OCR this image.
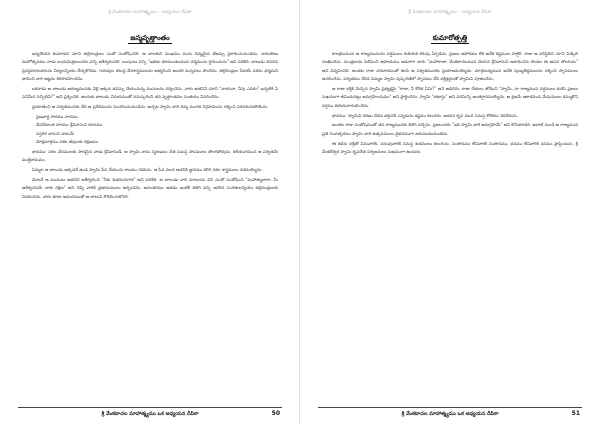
శ్రీ వేంకటాచల మాహాత్మ్యము – అధ్యయన దీపికా
జన్మవృత్తాంతం

జన్మనొందిన కుమారుని చూచి తల్లిదండ్రులు ఎంతో సంతోషించిరి. ఆ బాలకుని ముఖము నందు దివ్యమైన తేజస్సు ప్రకాశించుచుండెను. నామకరణ మహోత్సవము నాడు బంధుమిత్రులందరు వచ్చి ఆశీర్వదించిరి. ఋషులు వచ్చి "ఇతడు భూమండలమున ధర్మమును స్థాపించును" అని పలికిరి. బాలుడు దినదిన ప్రవర్ధమానుడగుచు విద్యలన్నియు నేర్చుకొనెను. గురువుల యొద్ద వేదశాస్త్రములను అభ్యసించి అందరి మన్ననలు పొందెను. తల్లిదండ్రుల సేవయే పరమ ధర్మమని భావించి వారి ఆజ్ఞను శిరసావహించెను.

ఒకనాడు ఆ బాలుడు అరణ్యమునకు వెళ్లి అక్కడ తపస్సు చేయుచున్న మునులను దర్శించెను. వారు అతనిని చూచి "నాయనా, నీవు ఎవరు? ఇచ్చటికి ఏ పనిమీద వచ్చితివి?" అని ప్రశ్నించిరి. అందుకు బాలుడు వినయముతో నమస్కరించి తన వృత్తాంతము నంతయు వివరించెను.

ప్రయాణించి ఆ పర్వతమునకు చేరి ఆ ప్రదేశమందు సంచరించుచుండెను. అచ్చట స్వామి వారి దివ్య మంగళ విగ్రహమును దర్శించి పరవశించిపోయెను.

ప్రణవార్థ సారము నాదము
వేదవేదాంత సారము శ్రీనివాసుని రూపము
సప్తగిరి వాసుని నామమే
మోక్షమార్గము సకల జీవులకు రక్షణము

భావము: సకల వేదములకు సారమైన వాడు శ్రీనివాసుడే. ఆ స్వామి నామ స్మరణము చేత సమస్త పాపములు తొలగిపోవును. కలియుగమున ఆ పర్వతమే ముక్తిధామము.

పిమ్మట ఆ బాలుడు అక్కడనే ఉండి స్వామి సేవ చేయుచు కాలము గడపెను. ఆ సేవ వలన అతనికి జ్ఞానము కలిగి సకల శాస్త్రములు వశమయ్యెను.

వెంటనే ఆ మునులు అతనిని ఆశీర్వదించి "నీకు శుభమగుగాక" అని పలికిరి. ఆ బాలుడు వారి మాటలను విని ఎంతో సంతోషించి "మహాత్ములారా, మీ ఆశీర్వచనమే నాకు రక్షణ" అని చెప్పి వారికి ప్రణామములు అర్పించెను. అనంతరము అతడు ఇంటికి తిరిగి వచ్చి జరిగిన సంగతులన్నియు తల్లిదండ్రులకు వివరించెను. వారు కూడా ఆనందముతో ఆ బాలుని కౌగిలించుకొనిరి.

శ్రీ వేంకటాచల మాహాత్మ్యము ఒక అధ్యయన దీపికా	50
శ్రీ వేంకటాచల మాహాత్మ్యము – అధ్యయన దీపికా
కుమారోత్పత్తి

కాలక్రమమున ఆ రాజ్యమునందు వర్షములు కురియక కరువు ఏర్పడెను. ప్రజలు ఆహారము లేక అనేక కష్టముల పాలైరి. రాజు ఆ పరిస్థితిని చూచి మిక్కిలి దుఃఖించెను. మంత్రులను పిలిపించి ఉపాయము అడుగగా వారు "మహారాజా, వేంకటాచలమున వెలసిన శ్రీనివాసుని ఆరాధించిన యెడల ఈ ఆపద తొలగును" అని విన్నవించిరి. అంతట రాజు పరివారముతో కలసి ఆ పర్వతమునకు ప్రయాణమయ్యెను. మార్గమధ్యమున అనేక పుణ్యతీర్థములను దర్శించి స్నానములు ఆచరించెను. పర్వతము చేరిన పిమ్మట స్వామి పుష్కరిణిలో స్నానము చేసి భక్తిశ్రద్ధలతో స్వామిని పూజించెను.

ఆ రాజు భక్తికి మెచ్చిన స్వామి ప్రత్యక్షమై "రాజా, నీ కోరిక ఏమి?" అని అడిగెను. రాజు చేతులు జోడించి "స్వామీ, నా రాజ్యమున వర్షములు కురిసి ప్రజలు సుఖముగా జీవించునట్లు అనుగ్రహించుము" అని ప్రార్థించెను. స్వామి "తథాస్తు" అని వరమిచ్చి అంతర్ధానమయ్యెను. ఆ క్షణమే ఆకాశమున మేఘములు కమ్ముకొని వర్షము కురియనారంభించెను.

భావము: స్వామిని శరణు వేడిన భక్తునికి ఎన్నడును కష్టము కలుగదు. ఆయన కృప వలన సమస్త కోరికలు నెరవేరును.

అంతట రాజు సంతోషముతో తన రాజ్యమునకు తిరిగి వచ్చెను. ప్రజలందరు "ఇది స్వామి వారి అనుగ్రహమే" అని కొనియాడిరి. ఆనాటి నుండి ఆ రాజ్యమున ప్రతి సంవత్సరము స్వామి వారి ఉత్సవములు వైభవముగా జరుపబడుచుండెను.

ఈ కథను భక్తితో వినువారికి, చదువువారికి సమస్త శుభములు కలుగును. సంతానము లేనివారికి సంతానము, ధనము లేనివారికి ధనము ప్రాప్తించును. శ్రీ వేంకటేశ్వర స్వామి కృపచేత సర్వజనులు సుఖముగా ఉందురు.

శ్రీ వేంకటాచల మాహాత్మ్యము ఒక అధ్యయన దీపికా	51
